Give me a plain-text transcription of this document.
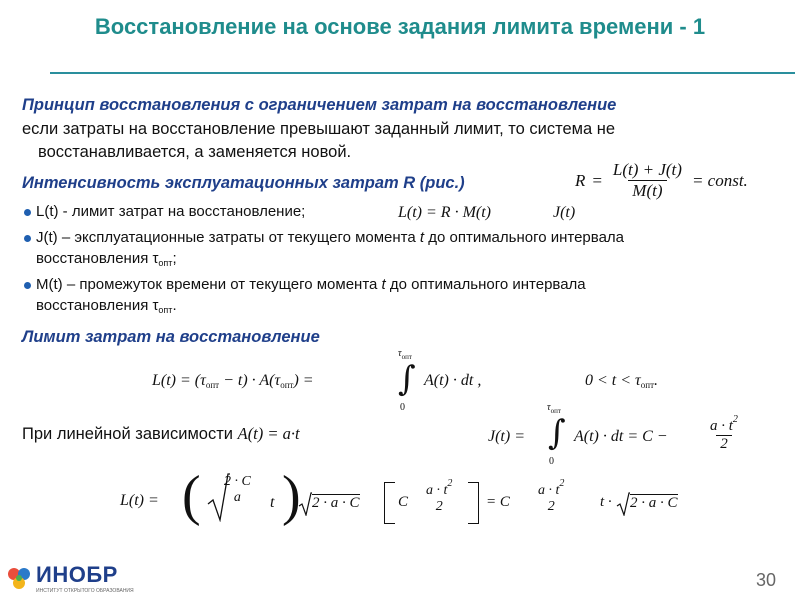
Восстановление на основе задания лимита времени - 1
Принцип восстановления с ограничением затрат на восстановление
если затраты на восстановление превышают заданный лимит, то система не
восстанавливается, а заменяется новой.
Интенсивность эксплуатационных затрат R (рис.)	$R = \frac{L(t) + J(t)}{M(t)}$ = const.
L(t) = R · M(t)	J(t)
L(t) - лимит затрат на восстановление;
J(t) – эксплуатационные затраты от текущего момента t до оптимального интервала
восстановления $\tau_{опт}$;
M(t) – промежуток времени от текущего момента t до оптимального интервала
восстановления $\tau_{опт}$.
Лимит затрат на восстановление
$L(t) = (\tau_{опт} - t) \cdot A(\tau_{опт})$ =
$\tau_{опт}$
∫
0
A(t) · dt ,	$0 < t < \tau_{опт}$.
При линейной зависимости A(t) = a·t	J(t) =
$\tau_{опт}$
∫
0
A(t) · dt = C −	$\frac{a \cdot t^2}{2}$
L(t) = ( 2 · C
a t ) 2 · a · C	C
$a \cdot t^2$
2	= C
$a \cdot t^2$
2	t · 2 · a · C
ИНОБР
ИНСТИТУТ ОТКРЫТОГО ОБРАЗОВАНИЯ
30
